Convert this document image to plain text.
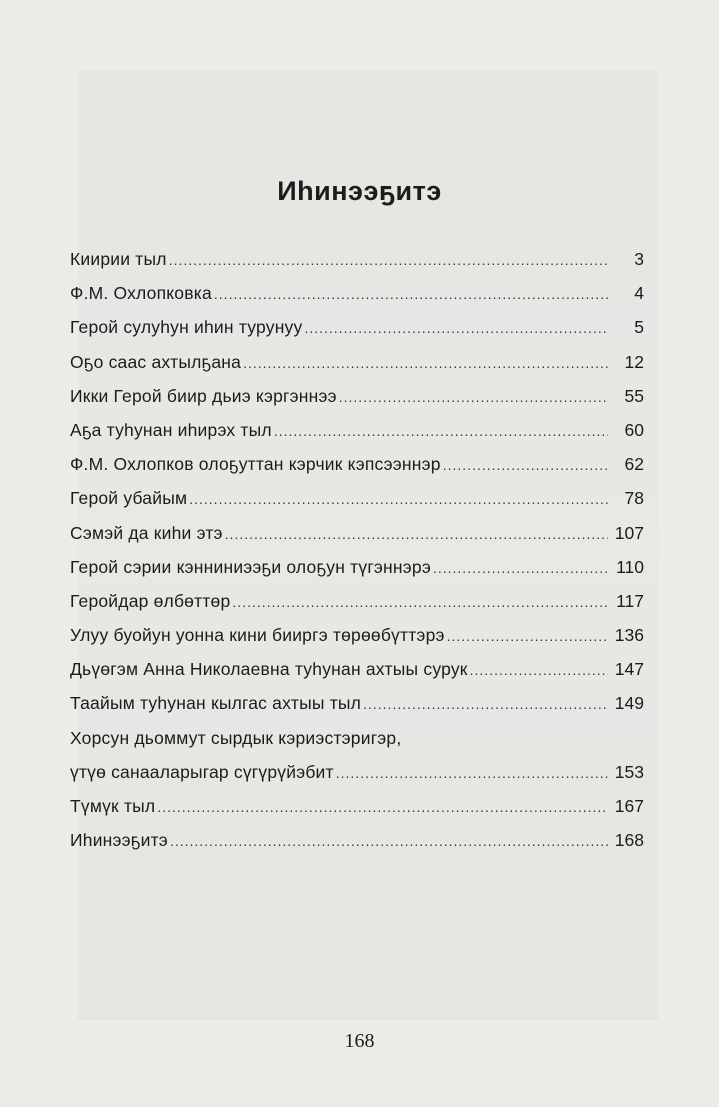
Иһинээҕитэ
Киирии тыл .....	3
Ф.М. Охлопковка .....	4
Герой сулуһун иһин турунуу .....	5
Оҕо саас ахтылҕана .....	12
Икки Герой биир дьиэ кэргэннээ .....	55
Аҕа туһунан иһирэх тыл .....	60
Ф.М. Охлопков олоҕуттан кэрчик кэпсээннэр .....	62
Герой убайым .....	78
Сэмэй да киһи этэ .....	107
Герой сэрии кэнниниээҕи олоҕун түгэннэрэ .....	110
Геройдар өлбөттөр .....	117
Улуу буойун уонна кини бииргэ төрөөбүттэрэ .....	136
Дьүөгэм Анна Николаевна туһунан ахтыы сурук .....	147
Таайым туһунан кылгас ахтыы тыл .....	149
Хорсун дьоммут сырдык кэриэстэригэр,
үтүө санааларыгар сүгүрүйэбит .....	153
Түмүк тыл .....	167
Иһинээҕитэ .....	168
168
